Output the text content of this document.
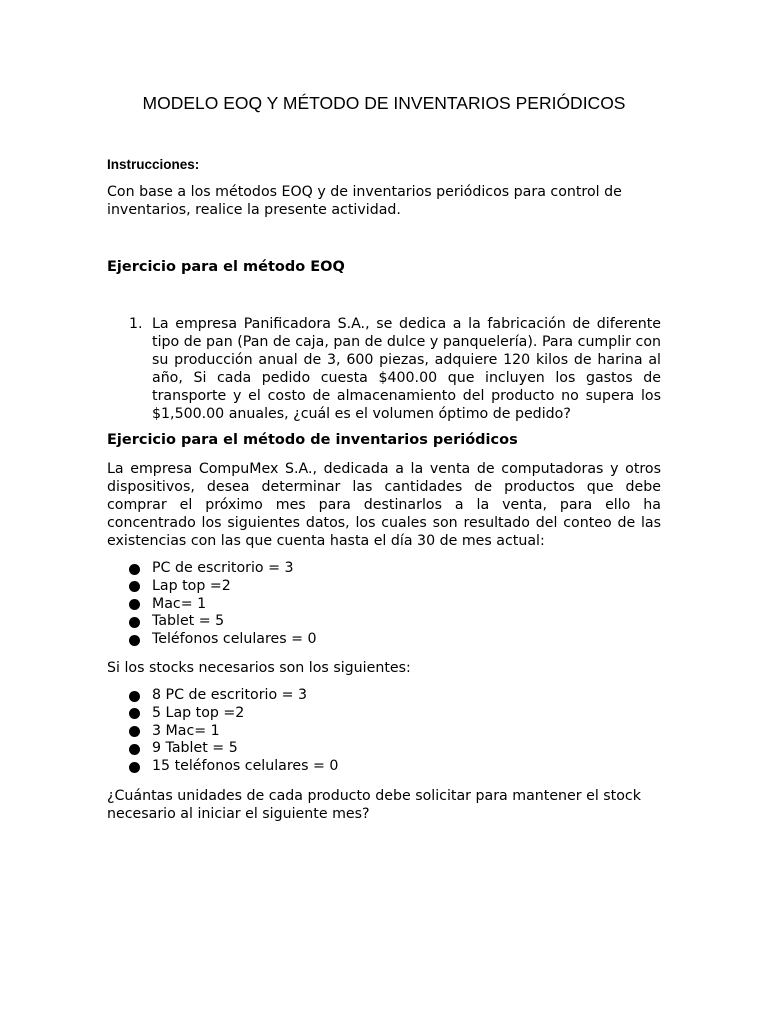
MODELO EOQ Y MÉTODO DE INVENTARIOS PERIÓDICOS
Instrucciones:
Con base a los métodos EOQ y de inventarios periódicos para control de inventarios, realice la presente actividad.
Ejercicio para el método EOQ
1. La empresa Panificadora S.A., se dedica a la fabricación de diferente tipo de pan (Pan de caja, pan de dulce y panquelería). Para cumplir con su producción anual de 3, 600 piezas, adquiere 120 kilos de harina al año, Si cada pedido cuesta $400.00 que incluyen los gastos de transporte y el costo de almacenamiento del producto no supera los $1,500.00 anuales, ¿cuál es el volumen óptimo de pedido?
Ejercicio para el método de inventarios periódicos
La empresa CompuMex S.A., dedicada a la venta de computadoras y otros dispositivos, desea determinar las cantidades de productos que debe comprar el próximo mes para destinarlos a la venta, para ello ha concentrado los siguientes datos, los cuales son resultado del conteo de las existencias con las que cuenta hasta el día 30 de mes actual:
PC de escritorio = 3
Lap top =2
Mac= 1
Tablet = 5
Teléfonos celulares = 0
Si los stocks necesarios son los siguientes:
8 PC de escritorio = 3
5 Lap top =2
3 Mac= 1
9 Tablet = 5
15 teléfonos celulares = 0
¿Cuántas unidades de cada producto debe solicitar para mantener el stock necesario al iniciar el siguiente mes?
